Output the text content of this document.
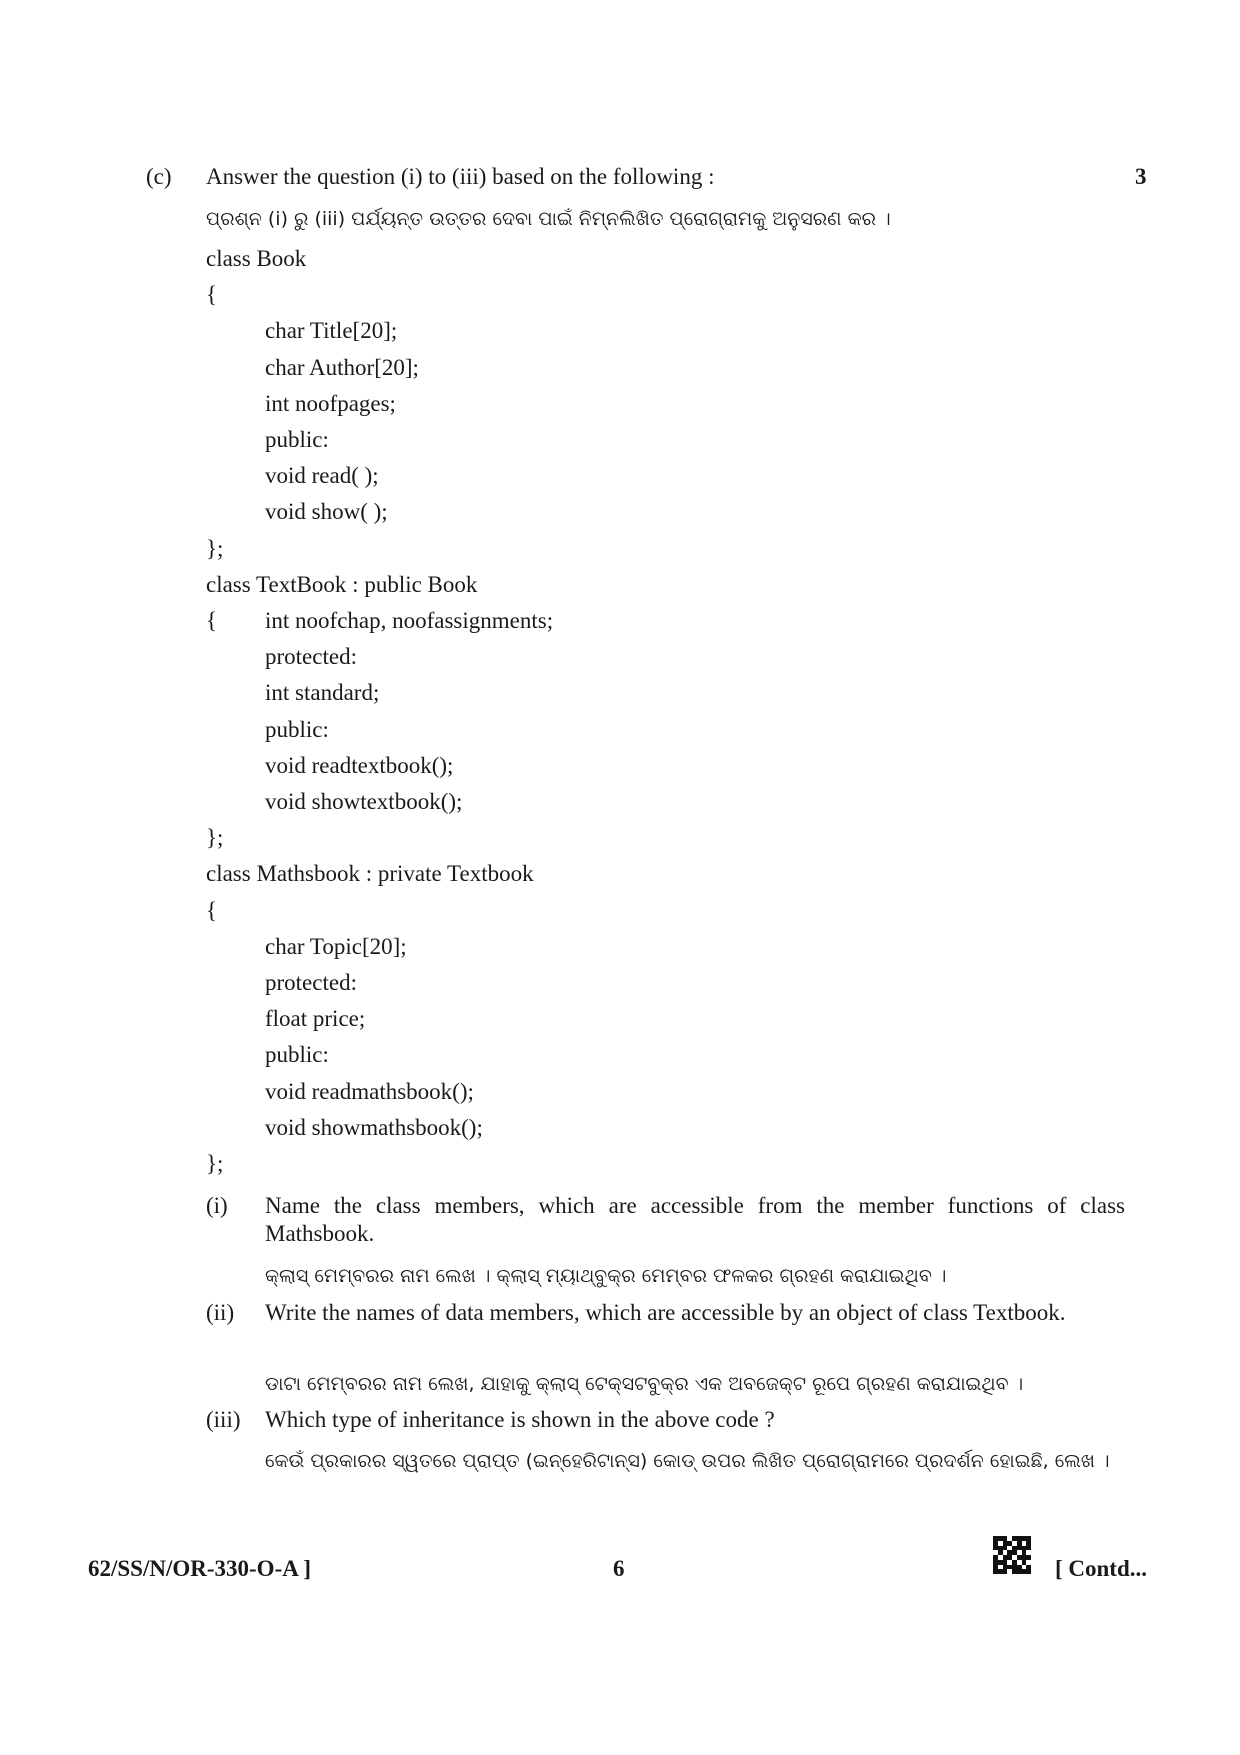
(c) Answer the question (i) to (iii) based on the following :	3
ପ୍ରଶ୍ନ (i) ରୁ (iii) ପର୍ଯ୍ୟନ୍ତ ଉତ୍ତର ଦେବା ପାଇଁ ନିମ୍ନଲିଖିତ ପ୍ରୋଗ୍ରାମକୁ ଅନୁସରଣ କର ।
class Book
{
char Title[20];
char Author[20];
int noofpages;
public:
void read( );
void show( );
};
class TextBook : public Book
{ int noofchap, noofassignments;
protected:
int standard;
public:
void readtextbook();
void showtextbook();
};
class Mathsbook : private Textbook
{
char Topic[20];
protected:
float price;
public:
void readmathsbook();
void showmathsbook();
};
(i) Name the class members, which are accessible from the member functions of class Mathsbook.
କ୍ଲାସ୍ ମେମ୍ବରର ନାମ ଲେଖ । କ୍ଲାସ୍ ମ୍ୟାଥ୍ବୁକ୍ର ମେମ୍ବର ଫଳକର ଗ୍ରହଣ କରାଯାଇଥିବ ।
(ii) Write the names of data members, which are accessible by an object of class Textbook.
ଡାଟା ମେମ୍ବରର ନାମ ଲେଖ, ଯାହାକୁ କ୍ଲାସ୍ ଟେକ୍ସଟବୁକ୍ର ଏକ ଅବଜେକ୍ଟ ରୂପେ ଗ୍ରହଣ କରାଯାଇଥିବ ।
(iii) Which type of inheritance is shown in the above code ?
କେଉଁ ପ୍ରକାରର ସ୍ୱତରେ ପ୍ରାପ୍ତ (ଇନ୍ହେରିଟାନ୍ସ) କୋଡ୍ ଉପର ଲିଖିତ ପ୍ରୋଗ୍ରାମରେ ପ୍ରଦର୍ଶନ ହୋଇଛି, ଲେଖ ।
62/SS/N/OR-330-O-A ]	6	[ Contd...
